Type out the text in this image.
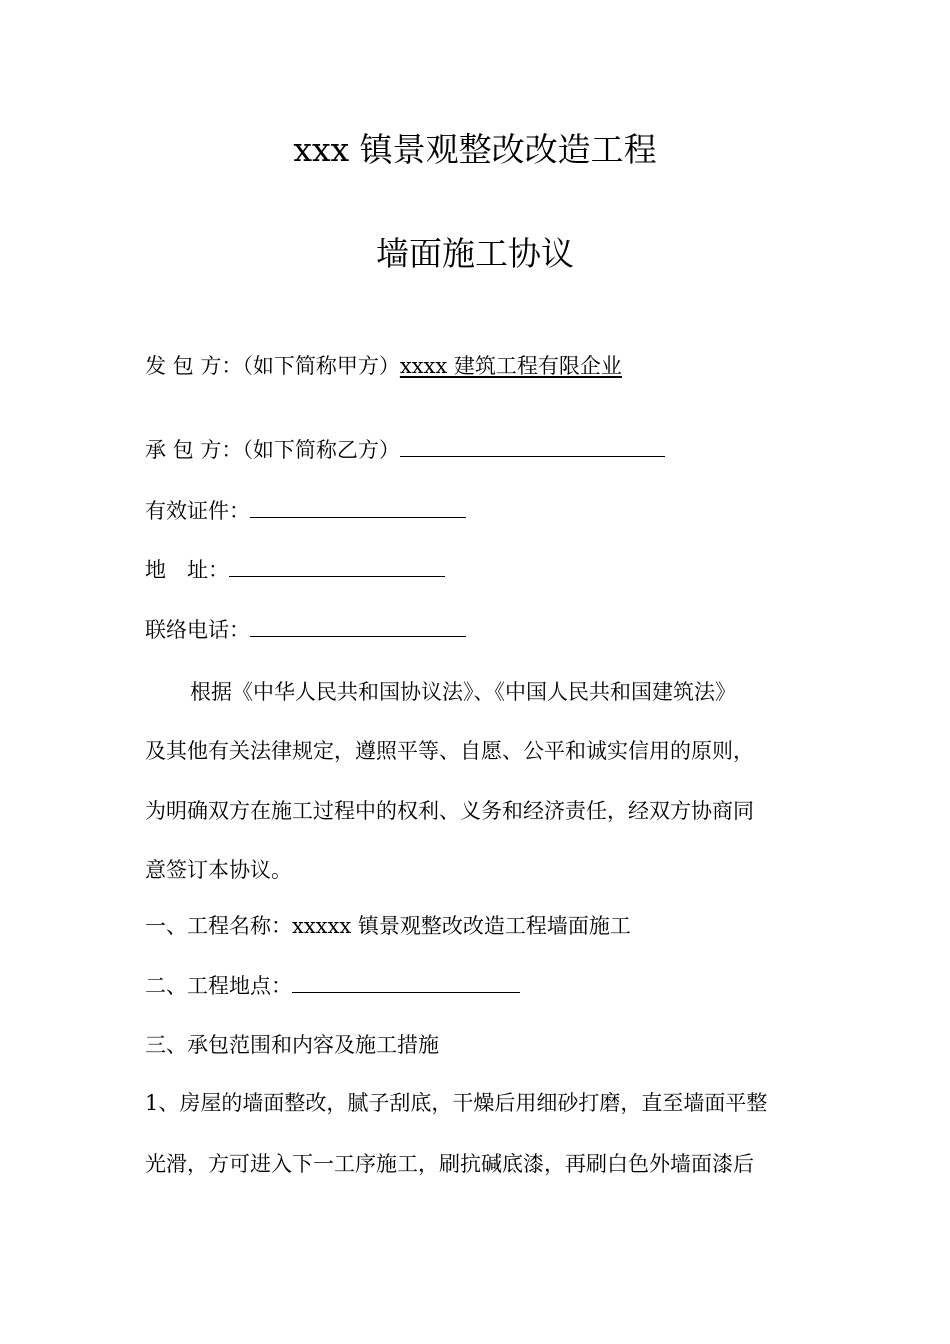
xxx 镇景观整改改造工程
墙面施工协议
发 包 方：（如下简称甲方）xxxx 建筑工程有限企业
承 包 方：（如下简称乙方）
有效证件：
地　址：
联络电话：
根据《中华人民共和国协议法》、《中国人民共和国建筑法》
及其他有关法律规定，遵照平等、自愿、公平和诚实信用的原则，
为明确双方在施工过程中的权利、义务和经济责任，经双方协商同
意签订本协议。
一、工程名称：xxxxx 镇景观整改改造工程墙面施工
二、工程地点：
三、承包范围和内容及施工措施
1、房屋的墙面整改，腻子刮底，干燥后用细砂打磨，直至墙面平整
光滑，方可进入下一工序施工，刷抗碱底漆，再刷白色外墙面漆后
